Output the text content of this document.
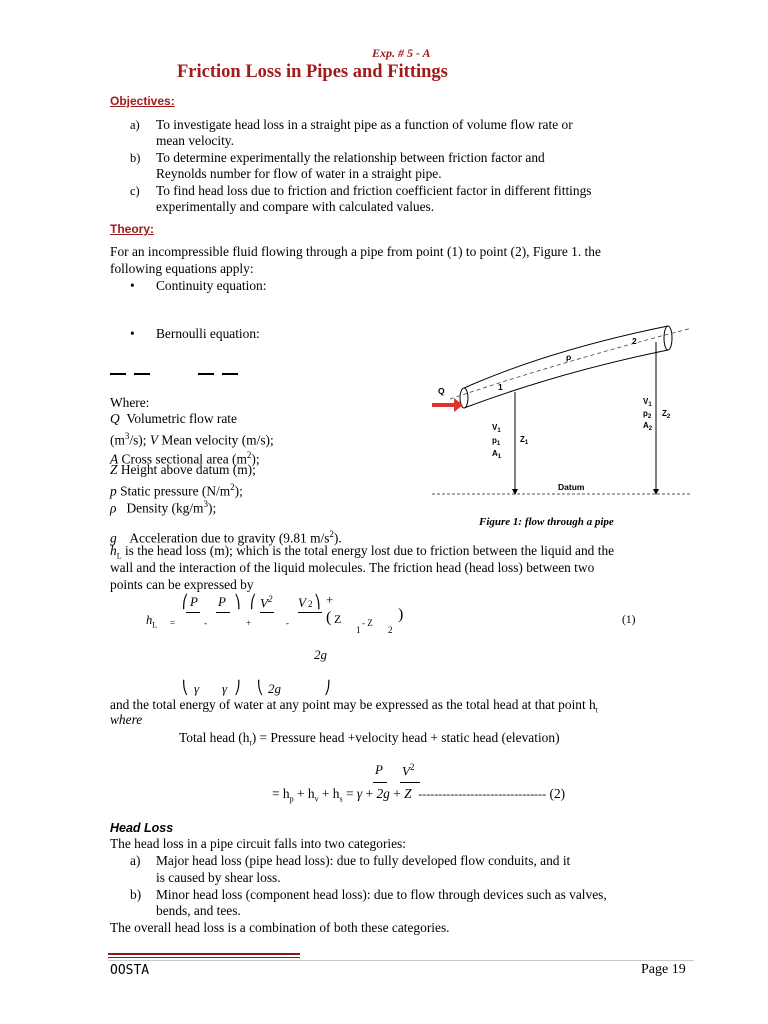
Exp. # 5 - A
Friction Loss in Pipes and Fittings
Objectives:
a) To investigate head loss in a straight pipe as a function of volume flow rate or
mean velocity.
b) To determine experimentally the relationship between friction factor and
Reynolds number for flow of water in a straight pipe.
c) To find head loss due to friction and friction coefficient factor in different fittings
experimentally and compare with calculated values.
Theory:
For an incompressible fluid flowing through a pipe from point (1) to point (2), Figure 1. the
following equations apply:
• Continuity equation:
• Bernoulli equation:
Where:
Q Volumetric flow rate
$(m^3/s)$; V Mean velocity (m/s);
A Cross sectional area $(m^2)$;
Z Height above datum (m);
p Static pressure $(N/m^2)$;
ρ Density $(kg/m^3)$;
g Acceleration due to gravity (9.81 $m/s^2$).
Q	1
2
ρ
$V_1$
$p_1$
$A_1$
$Z_1$
$V_1$
$p_2$
$A_2$
$Z_2$
Datum
Figure 1: flow through a pipe
$h_L$ is the head loss (m); which is the total energy lost due to friction between the liquid and the
wall and the interaction of the liquid molecules. The friction head (head loss) between two
points can be expressed by
⎛ P P ⎞ ⎛ $V^2$ V 2 ⎞ +
$h_L$ =	-	+	- ( Z
1
- Z
2
)	(1)
2g
⎝ γ γ ⎠ ⎝ 2g	⎠
and the total energy of water at any point may be expressed as the total head at that point $h_t$
where
Total head $(h_t)$ = Pressure head +velocity head + static head (elevation)
P $V^2$
= $h_p + h_v + h_s = \gamma + 2g + Z$ -------------------------------- (2)
Head Loss
The head loss in a pipe circuit falls into two categories:
a) Major head loss (pipe head loss): due to fully developed flow conduits, and it
is caused by shear loss.
b) Minor head loss (component head loss): due to flow through devices such as valves,
bends, and tees.
The overall head loss is a combination of both these categories.
OOSTA	Page 19
